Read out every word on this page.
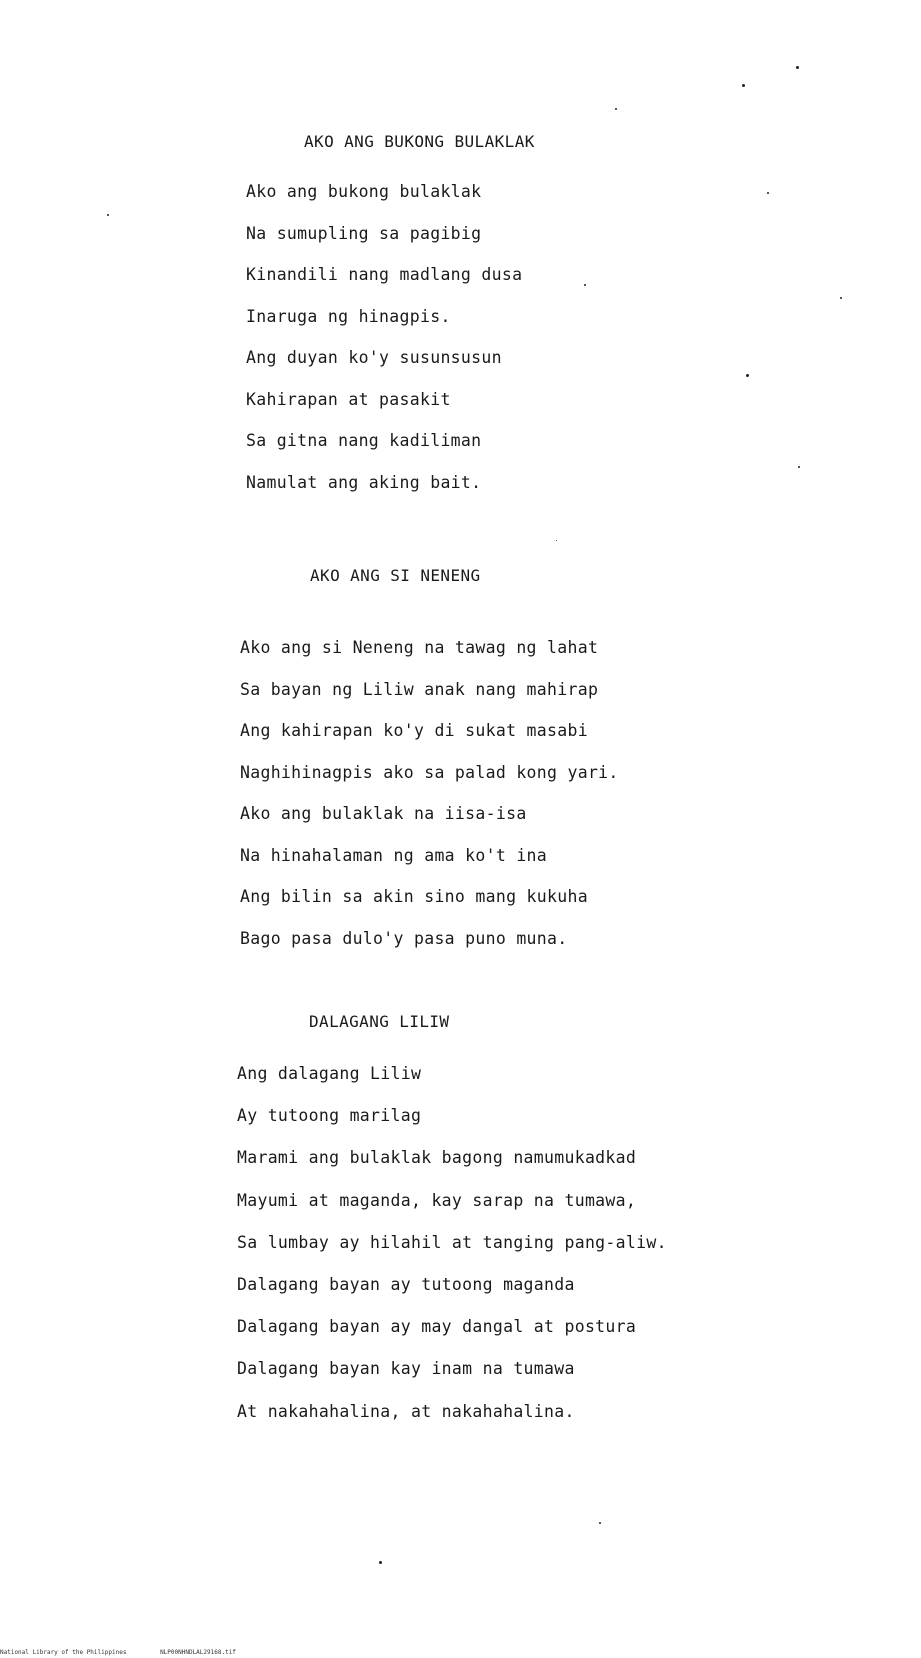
AKO ANG BUKONG BULAKLAK
Ako ang bukong bulaklak
Na sumupling sa pagibig
Kinandili nang madlang dusa
Inaruga ng hinagpis.
Ang duyan ko'y susunsusun
Kahirapan at pasakit
Sa gitna nang kadiliman
Namulat ang aking bait.
AKO ANG SI NENENG
Ako ang si Neneng na tawag ng lahat
Sa bayan ng Liliw anak nang mahirap
Ang kahirapan ko'y di sukat masabi
Naghihinagpis ako sa palad kong yari.
Ako ang bulaklak na iisa-isa
Na hinahalaman ng ama ko't ina
Ang bilin sa akin sino mang kukuha
Bago pasa dulo'y pasa puno muna.
DALAGANG LILIW
Ang dalagang Liliw
Ay tutoong marilag
Marami ang bulaklak bagong namumukadkad
Mayumi at maganda, kay sarap na tumawa,
Sa lumbay ay hilahil at tanging pang-aliw.
Dalagang bayan ay tutoong maganda
Dalagang bayan ay may dangal at postura
Dalagang bayan kay inam na tumawa
At nakahahalina, at nakahahalina.
National Library of the Philippines	NLP00NHNDLAL29168.tif
